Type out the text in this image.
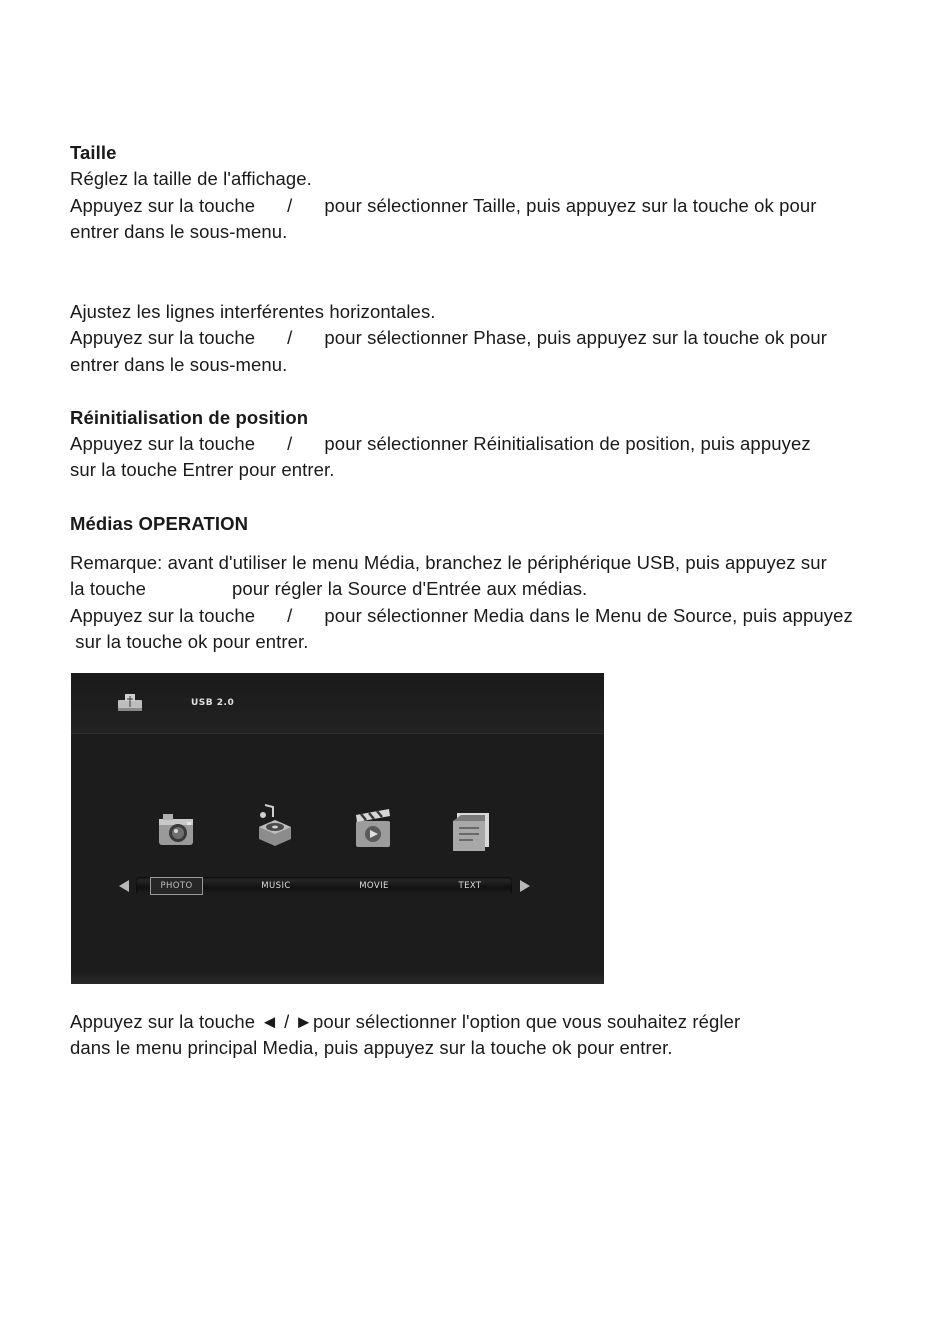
Taille
Réglez la taille de l'affichage.
Appuyez sur la touche / pour sélectionner Taille, puis appuyez sur la touche ok pour
entrer dans le sous-menu.
Ajustez les lignes interférentes horizontales.
Appuyez sur la touche / pour sélectionner Phase, puis appuyez sur la touche ok pour
entrer dans le sous-menu.
Réinitialisation de position
Appuyez sur la touche / pour sélectionner Réinitialisation de position, puis appuyez
sur la touche Entrer pour entrer.
Médias OPERATION
Remarque: avant d'utiliser le menu Média, branchez le périphérique USB, puis appuyez sur
la touche	pour régler la Source d'Entrée aux médias.
Appuyez sur la touche / pour sélectionner Media dans le Menu de Source, puis appuyez
sur la touche ok pour entrer.
USB 2.0
PHOTO	MUSIC	MOVIE	TEXT
Appuyez sur la touche ◄ / ►pour sélectionner l'option que vous souhaitez régler
dans le menu principal Media, puis appuyez sur la touche ok pour entrer.
